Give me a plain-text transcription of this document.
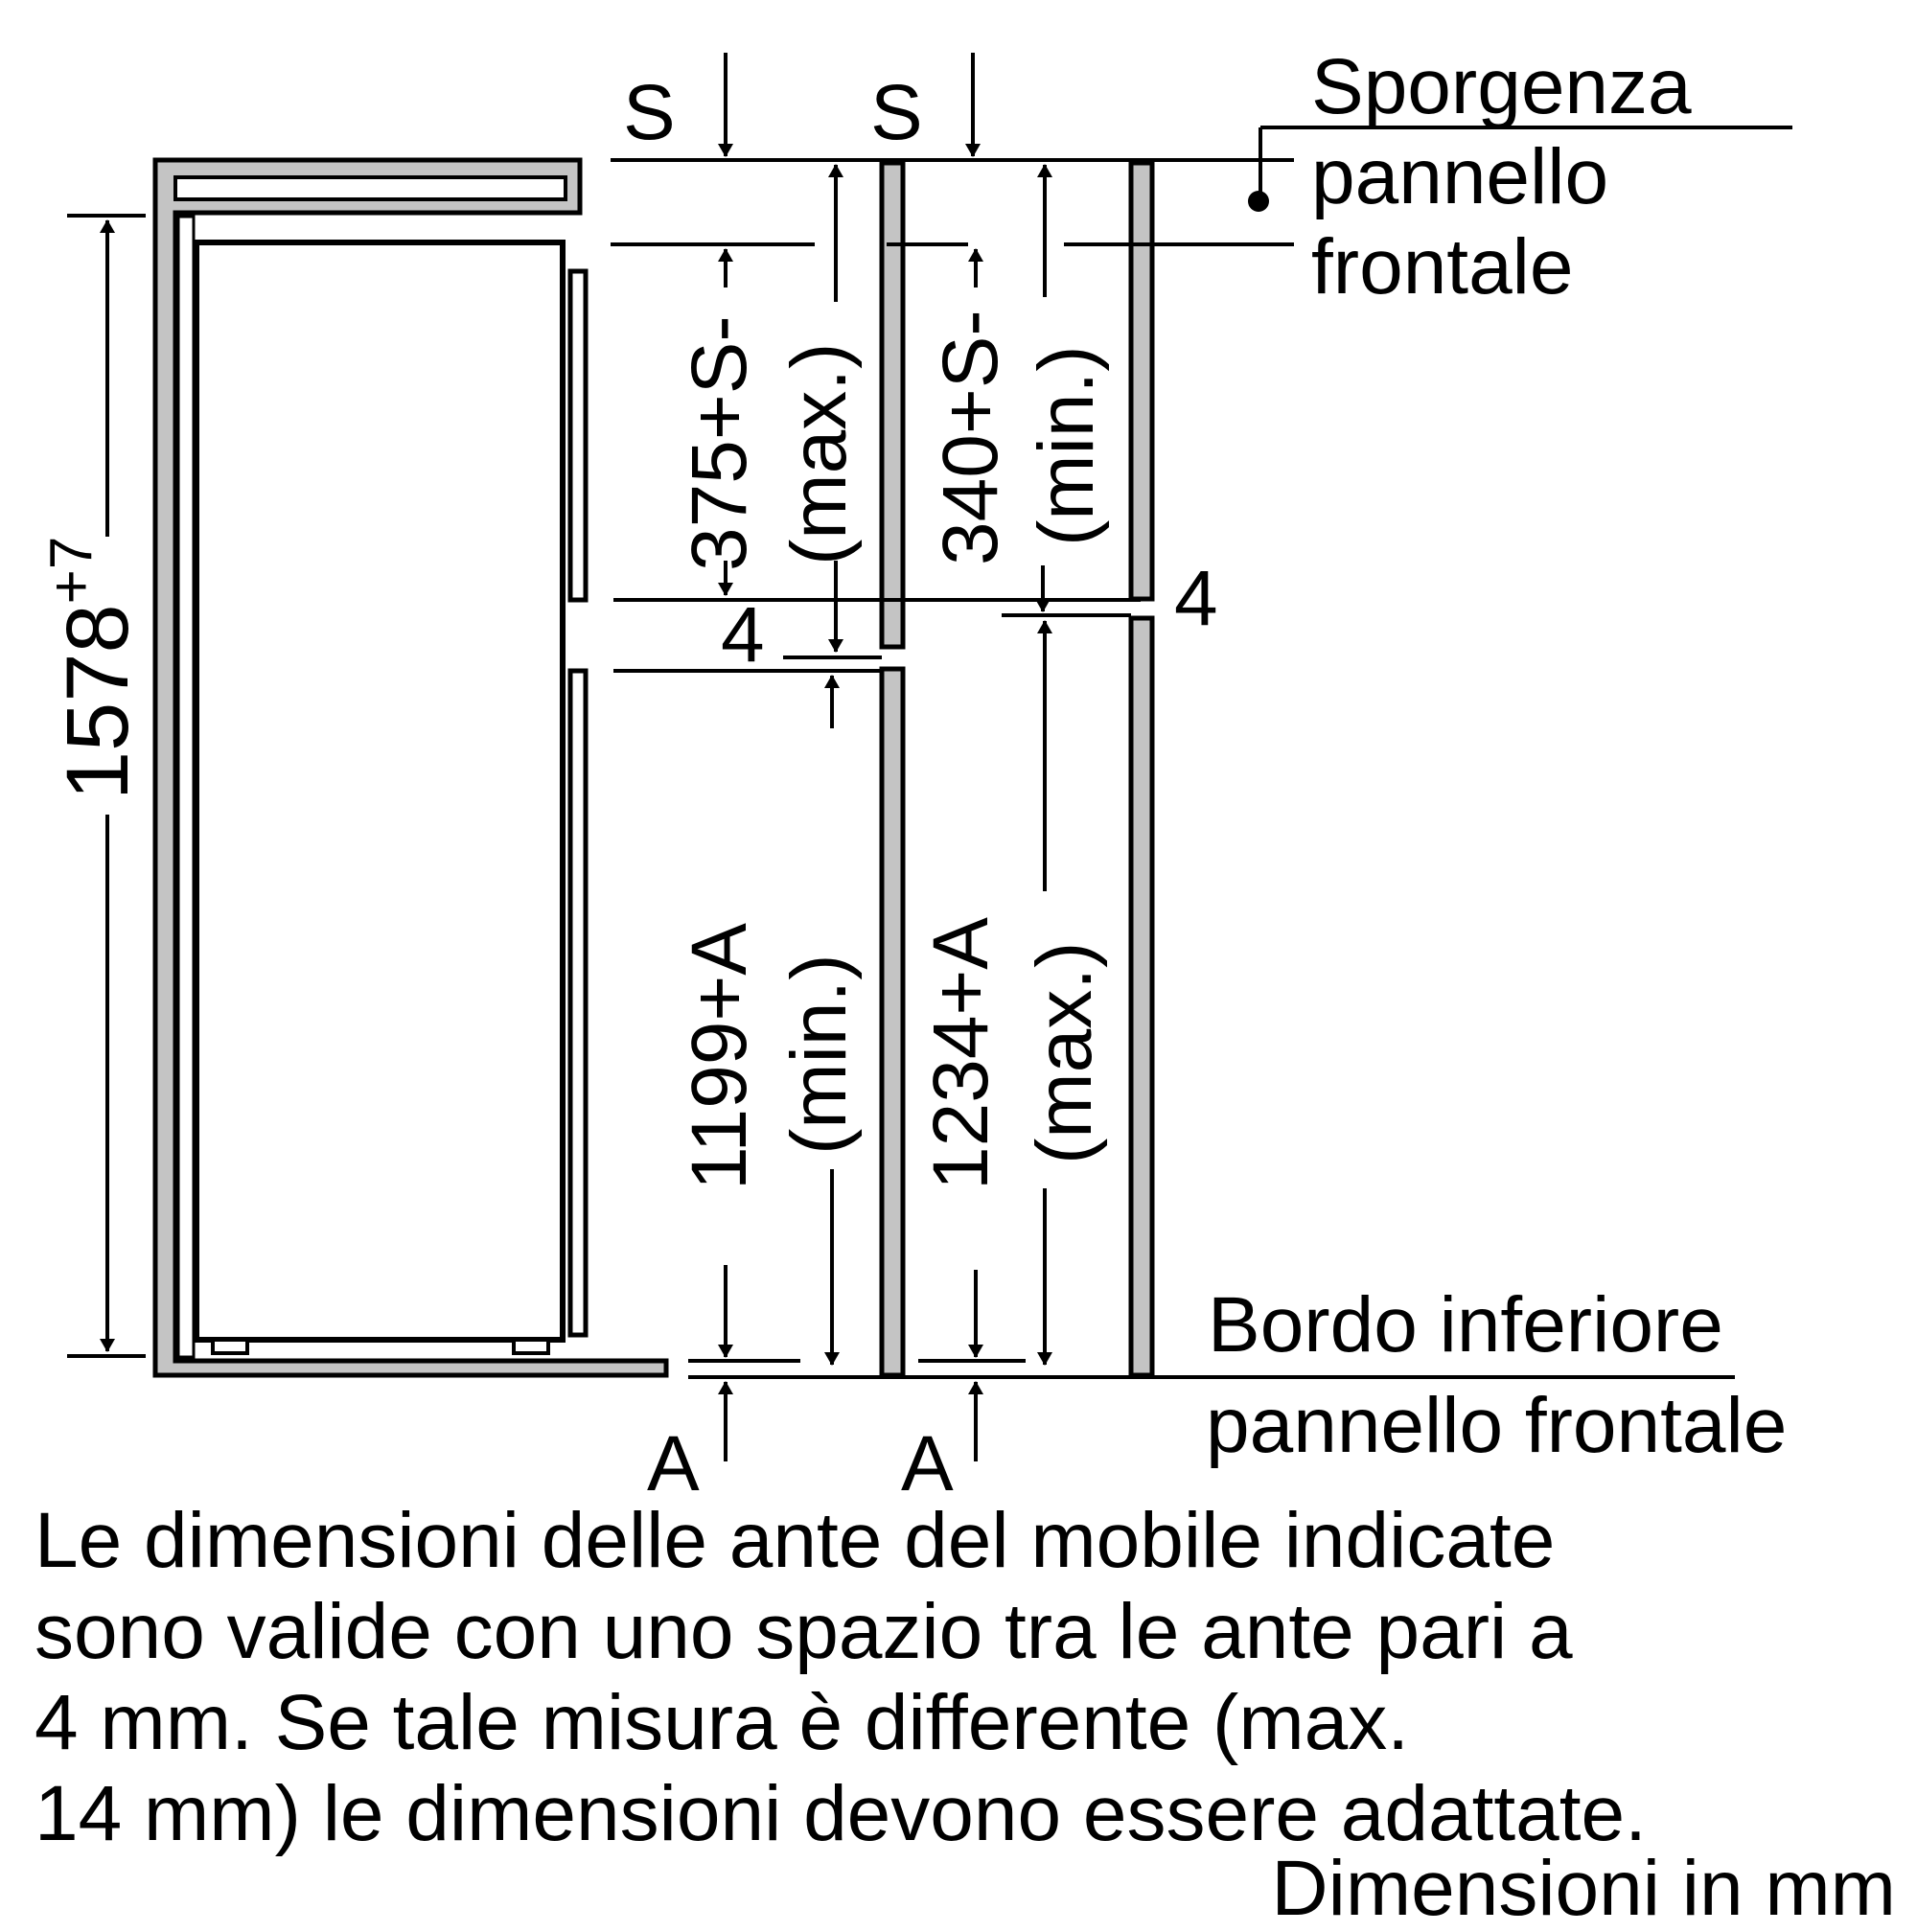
S S
A	A
4	4
Sporgenza
pannello
frontale
Bordo inferiore
pannello frontale
$1578^{+7}$	375+S- (max.) 340+S- (min.)
1199+A (min.) 1234+A (max.)
Le dimensioni delle ante del mobile indicate
sono valide con uno spazio tra le ante pari a
4 mm. Se tale misura è differente (max.
14 mm) le dimensioni devono essere adattate.
Dimensioni in mm
